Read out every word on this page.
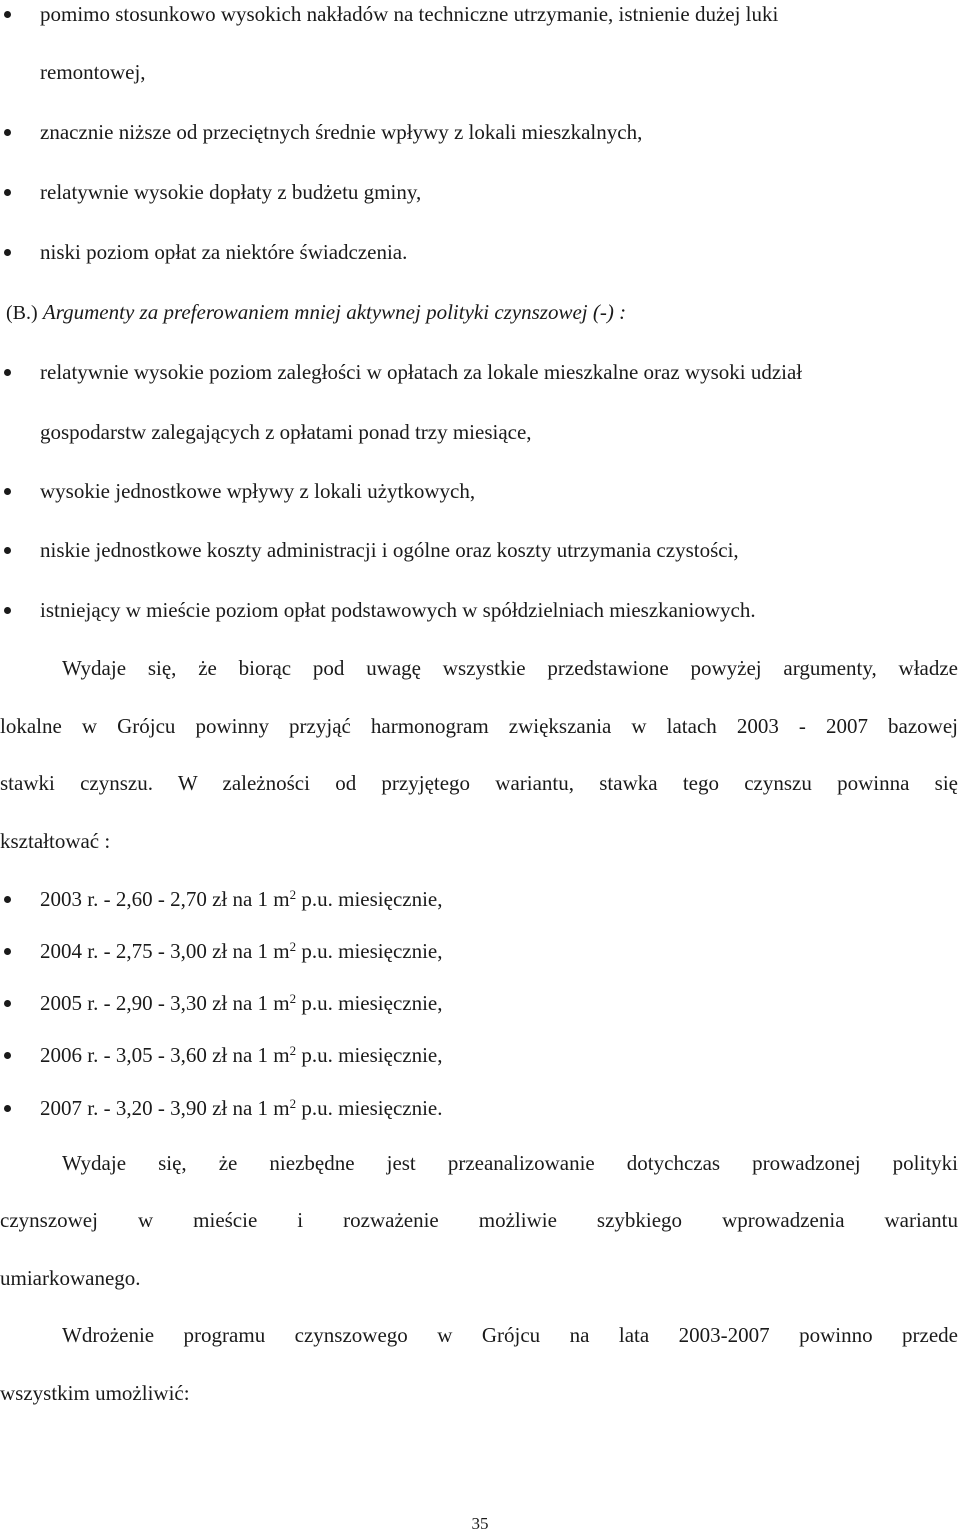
pomimo stosunkowo wysokich nakładów na techniczne utrzymanie, istnienie dużej luki
remontowej,
znacznie niższe od przeciętnych średnie wpływy z lokali mieszkalnych,
relatywnie wysokie dopłaty z budżetu gminy,
niski poziom opłat za niektóre świadczenia.
(B.) Argumenty za preferowaniem mniej aktywnej polityki czynszowej (-) :
relatywnie wysokie poziom zaległości w opłatach za lokale mieszkalne oraz wysoki udział
gospodarstw zalegających z opłatami ponad trzy miesiące,
wysokie jednostkowe wpływy z lokali użytkowych,
niskie jednostkowe koszty administracji i ogólne oraz koszty utrzymania czystości,
istniejący w mieście poziom opłat podstawowych w spółdzielniach mieszkaniowych.
Wydaje się, że biorąc pod uwagę wszystkie przedstawione powyżej argumenty, władze
lokalne w Grójcu powinny przyjąć harmonogram zwiększania w latach 2003 - 2007 bazowej
stawki czynszu. W zależności od przyjętego wariantu, stawka tego czynszu powinna się
kształtować :
2003 r. - 2,60 - 2,70 zł na 1 $m^2$ p.u. miesięcznie,
2004 r. - 2,75 - 3,00 zł na 1 $m^2$ p.u. miesięcznie,
2005 r. - 2,90 - 3,30 zł na 1 $m^2$ p.u. miesięcznie,
2006 r. - 3,05 - 3,60 zł na 1 $m^2$ p.u. miesięcznie,
2007 r. - 3,20 - 3,90 zł na 1 $m^2$ p.u. miesięcznie.
Wydaje się, że niezbędne jest przeanalizowanie dotychczas prowadzonej polityki
czynszowej w mieście i rozważenie możliwie szybkiego wprowadzenia wariantu
umiarkowanego.
Wdrożenie programu czynszowego w Grójcu na lata 2003-2007 powinno przede
wszystkim umożliwić:
35
